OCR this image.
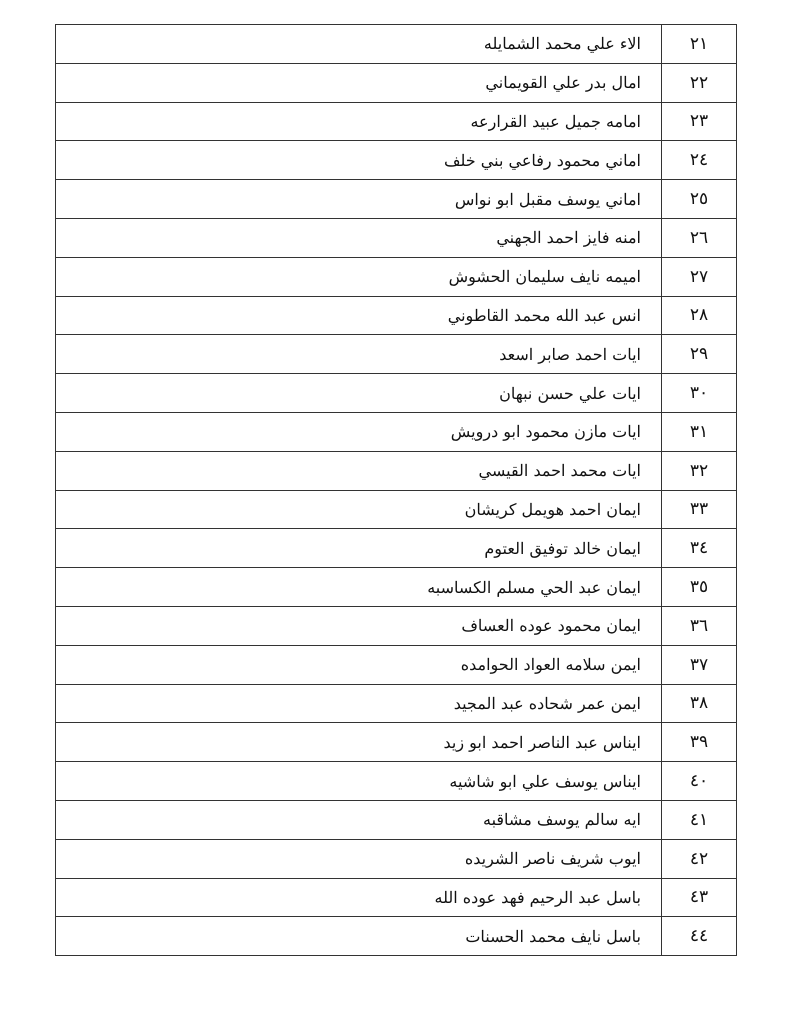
٢١	الاء علي محمد الشمايله
٢٢	امال بدر علي القويماني
٢٣	امامه جميل عبيد القرارعه
٢٤	اماني محمود رفاعي بني خلف
٢٥	اماني يوسف مقبل ابو نواس
٢٦	امنه فايز احمد الجهني
٢٧	اميمه نايف سليمان الحشوش
٢٨	انس عبد الله محمد القاطوني
٢٩	ايات احمد صابر اسعد
٣٠	ايات علي حسن نبهان
٣١	ايات مازن محمود ابو درويش
٣٢	ايات محمد احمد القيسي
٣٣	ايمان احمد هويمل كريشان
٣٤	ايمان خالد توفيق العتوم
٣٥	ايمان عبد الحي مسلم الكساسبه
٣٦	ايمان محمود عوده العساف
٣٧	ايمن سلامه العواد الحوامده
٣٨	ايمن عمر شحاده عبد المجيد
٣٩	ايناس عبد الناصر احمد ابو زيد
٤٠	ايناس يوسف علي ابو شاشيه
٤١	ايه سالم يوسف مشاقبه
٤٢	ايوب شريف ناصر الشريده
٤٣	باسل عبد الرحيم فهد عوده الله
٤٤	باسل نايف محمد الحسنات
